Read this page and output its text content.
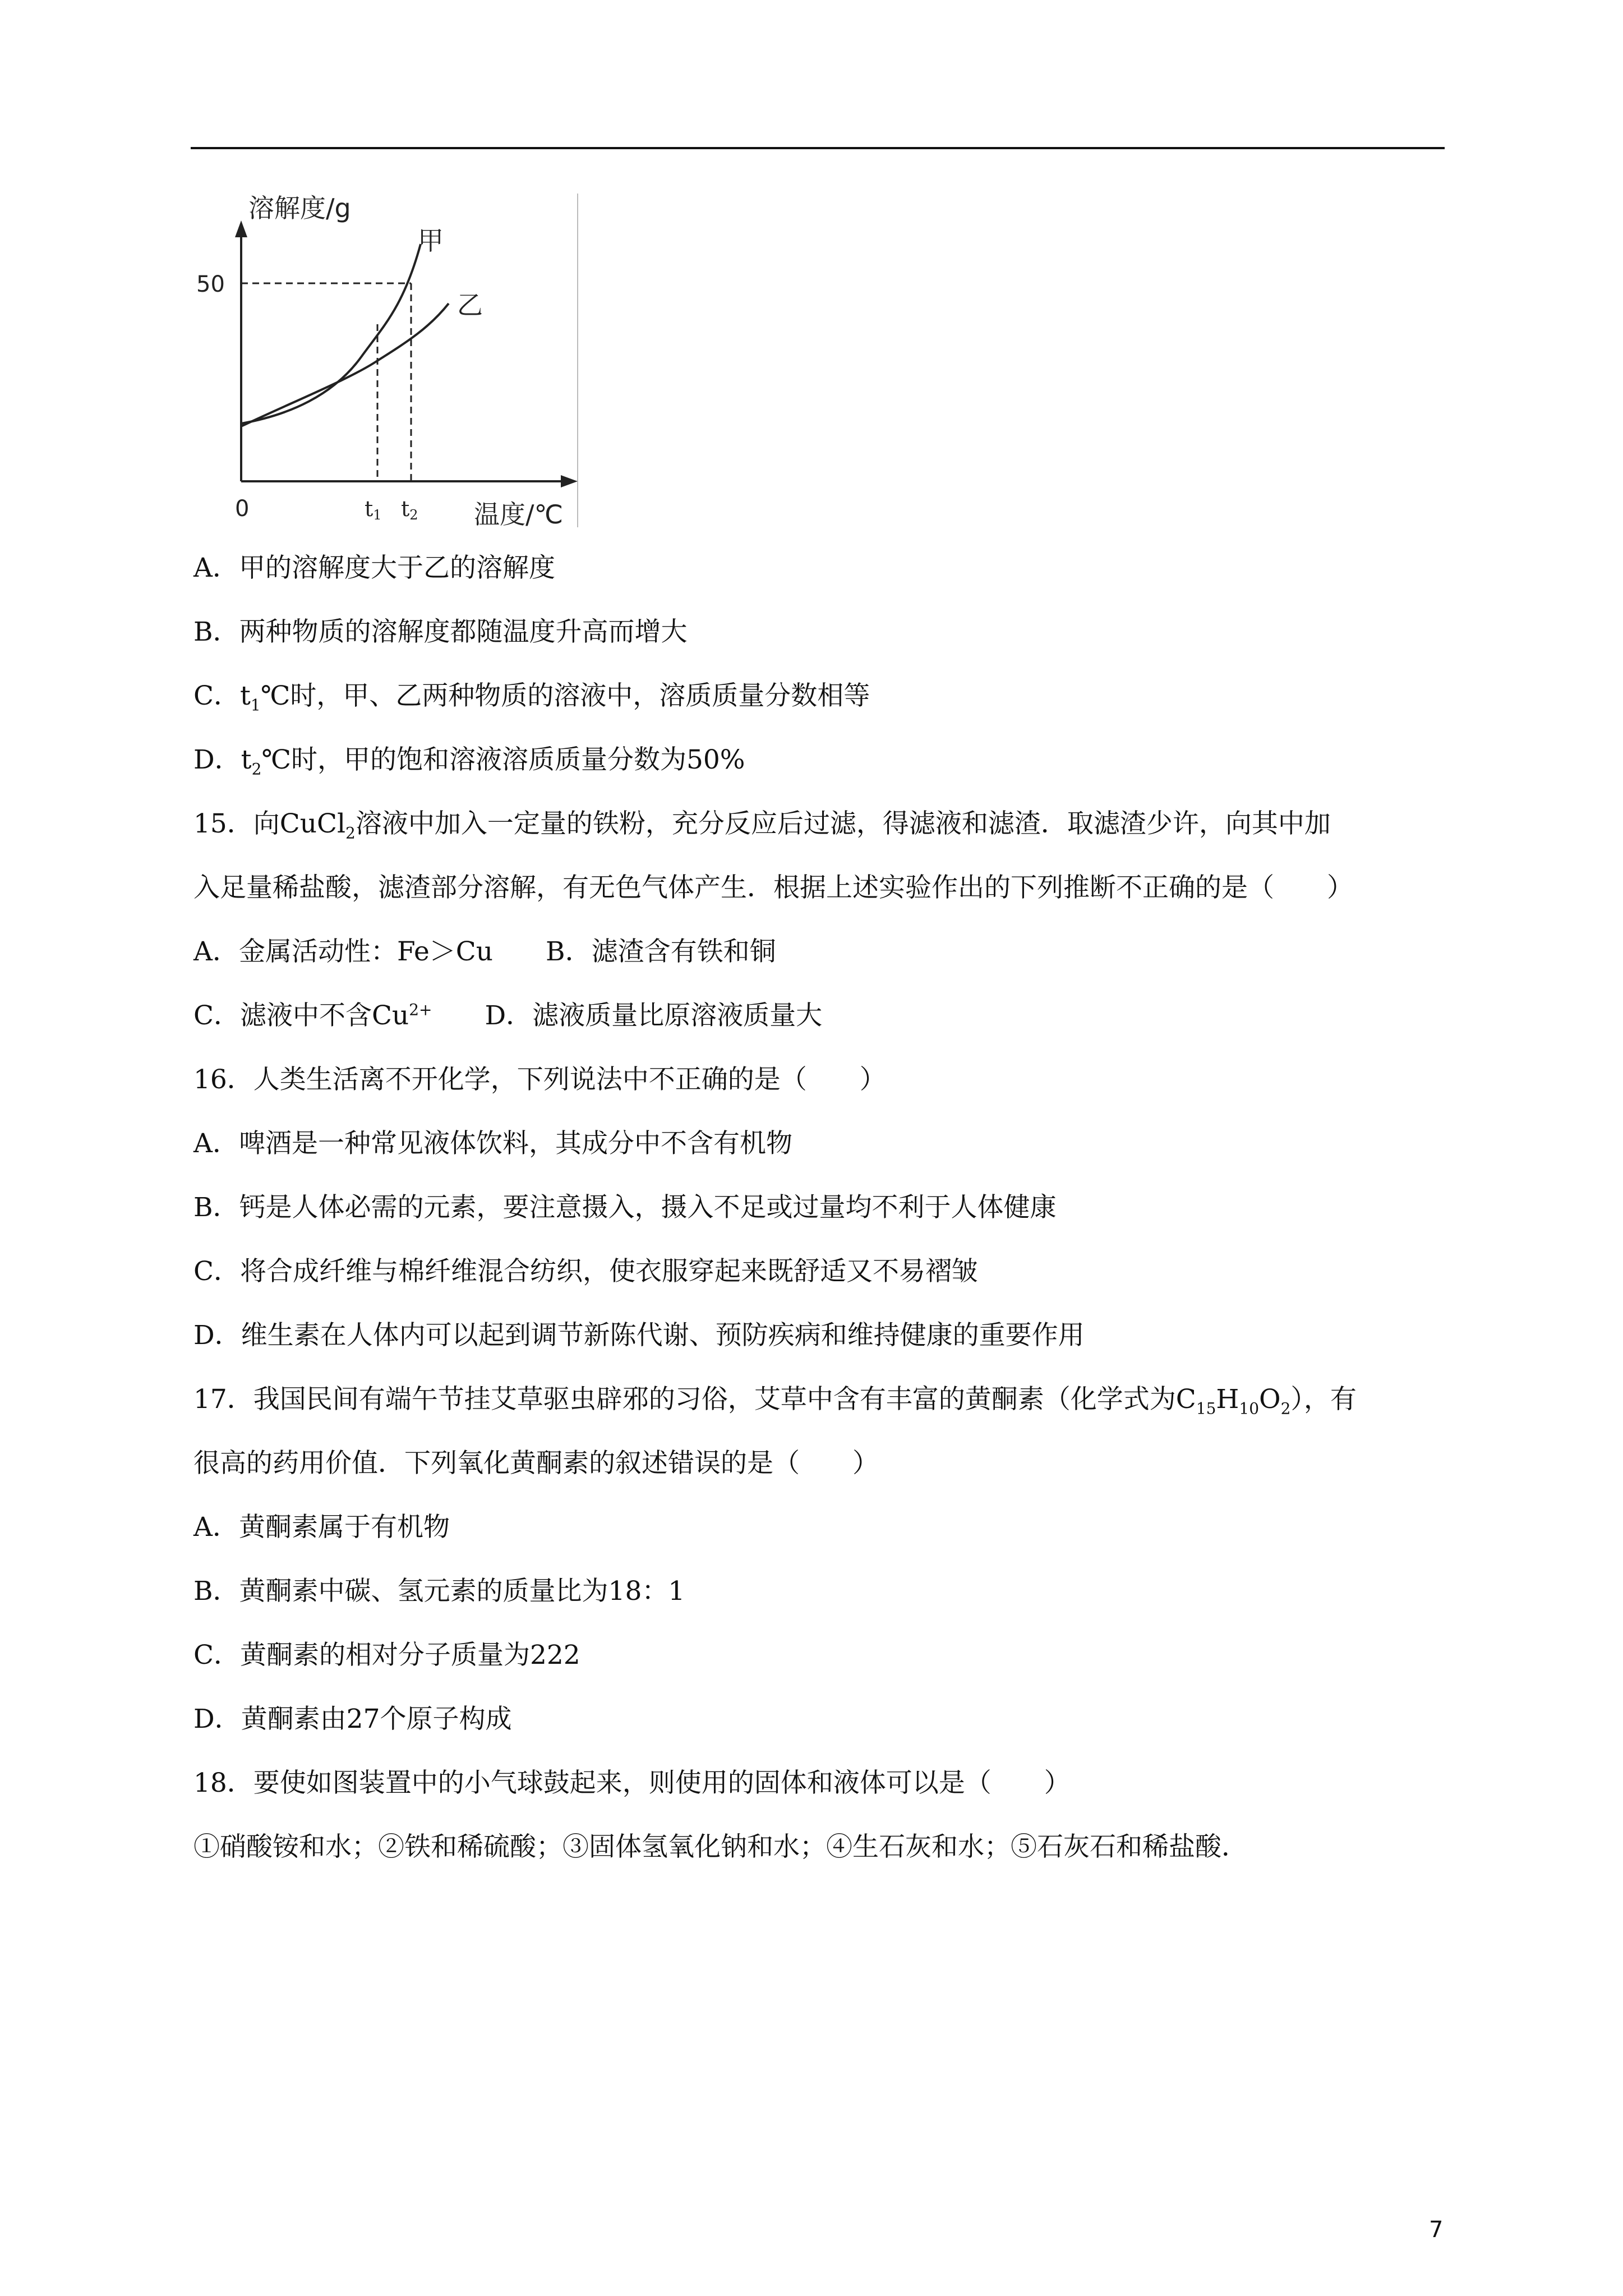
溶解度/g
甲
乙
50
0	t1 t2 温度/℃
A．甲的溶解度大于乙的溶解度
B．两种物质的溶解度都随温度升高而增大
C．$t_1℃$时，甲、乙两种物质的溶液中，溶质质量分数相等
D．$t_2℃$时，甲的饱和溶液溶质质量分数为50%
15．向CuCl$_2$溶液中加入一定量的铁粉，充分反应后过滤，得滤液和滤渣．取滤渣少许，向其中加
入足量稀盐酸，滤渣部分溶解，有无色气体产生．根据上述实验作出的下列推断不正确的是（　　）
A．金属活动性：Fe＞Cu　　B．滤渣含有铁和铜
C．滤液中不含$Cu^{2+}$　　D．滤液质量比原溶液质量大
16．人类生活离不开化学，下列说法中不正确的是（　　）
A．啤酒是一种常见液体饮料，其成分中不含有机物
B．钙是人体必需的元素，要注意摄入，摄入不足或过量均不利于人体健康
C．将合成纤维与棉纤维混合纺织，使衣服穿起来既舒适又不易褶皱
D．维生素在人体内可以起到调节新陈代谢、预防疾病和维持健康的重要作用
17．我国民间有端午节挂艾草驱虫辟邪的习俗，艾草中含有丰富的黄酮素（化学式为$C_{15}H_{10}O_2$），有
很高的药用价值．下列氧化黄酮素的叙述错误的是（　　）
A．黄酮素属于有机物
B．黄酮素中碳、氢元素的质量比为18：1
C．黄酮素的相对分子质量为222
D．黄酮素由27个原子构成
18．要使如图装置中的小气球鼓起来，则使用的固体和液体可以是（　　）
①硝酸铵和水；②铁和稀硫酸；③固体氢氧化钠和水；④生石灰和水；⑤石灰石和稀盐酸．
7
